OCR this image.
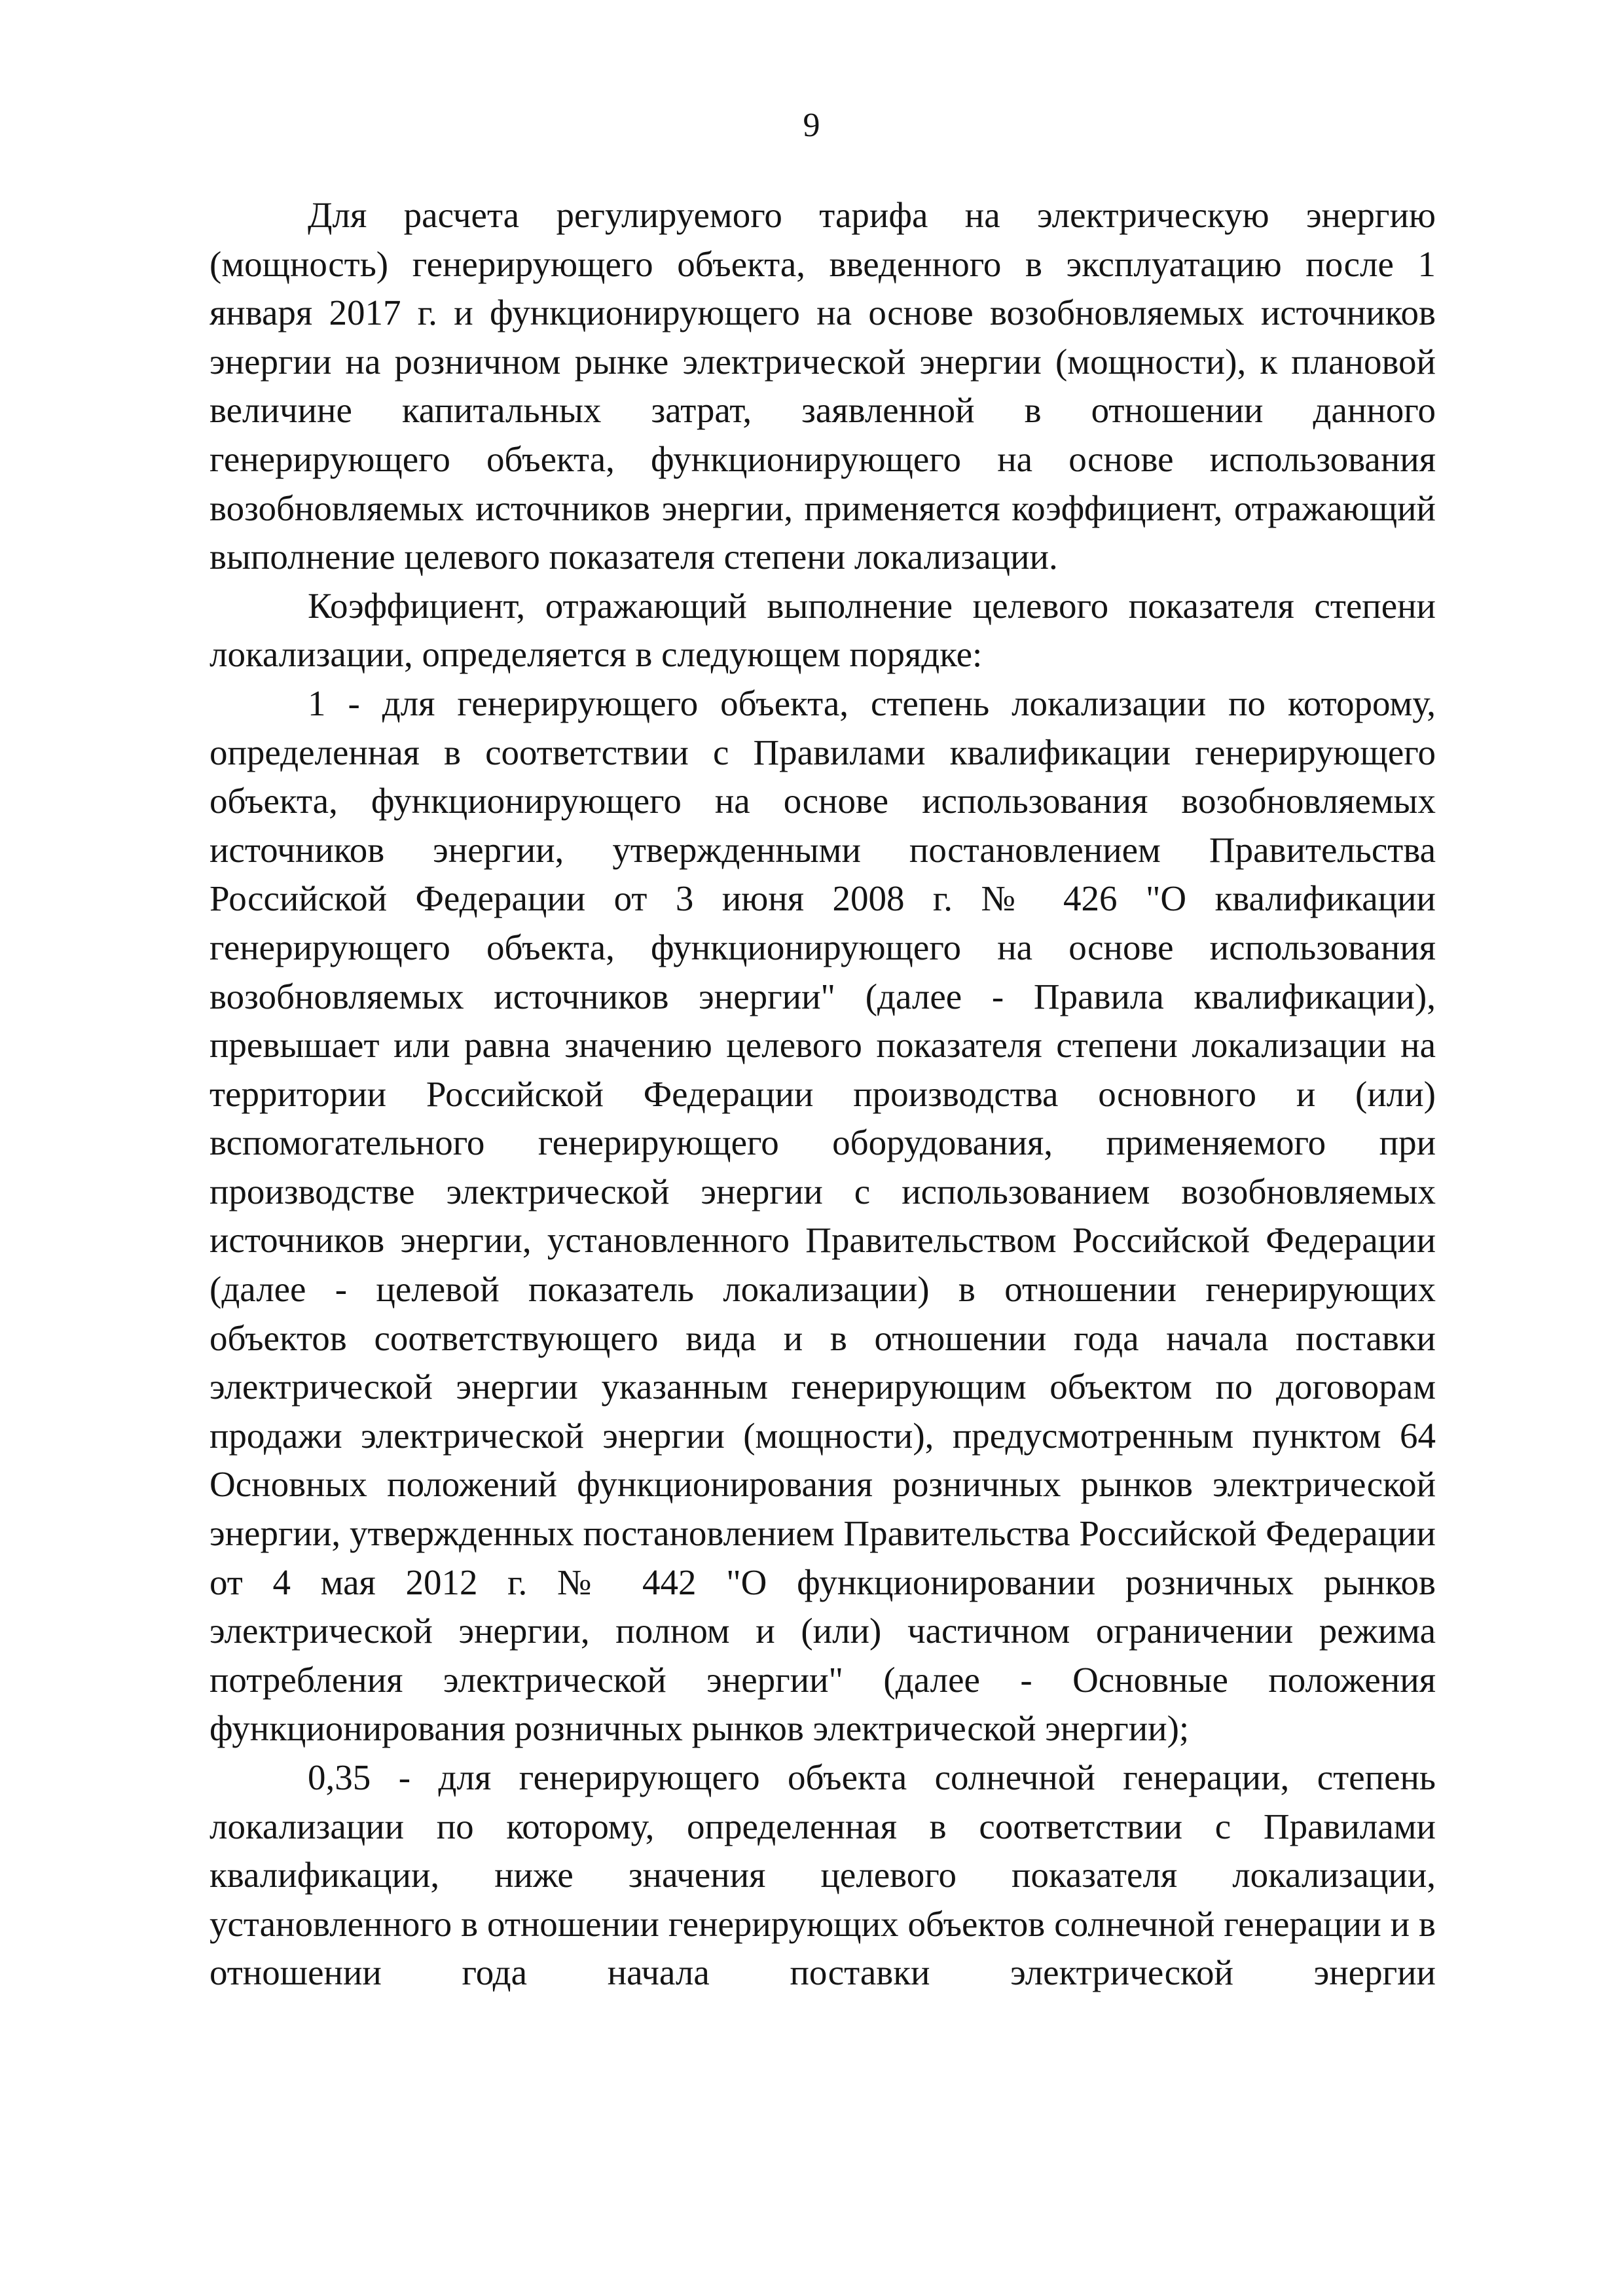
9

Для расчета регулируемого тарифа на электрическую энергию (мощность) генерирующего объекта, введенного в эксплуатацию после 1 января 2017 г. и функционирующего на основе возобновляемых источников энергии на розничном рынке электрической энергии (мощности), к плановой величине капитальных затрат, заявленной в отношении данного генерирующего объекта, функционирующего на основе использования возобновляемых источников энергии, применяется коэффициент, отражающий выполнение целевого показателя степени локализации.

Коэффициент, отражающий выполнение целевого показателя степени локализации, определяется в следующем порядке:

1 - для генерирующего объекта, степень локализации по которому, определенная в соответствии с Правилами квалификации генерирующего объекта, функционирующего на основе использования возобновляемых источников энергии, утвержденными постановлением Правительства Российской Федерации от 3 июня 2008 г. № 426 "О квалификации генерирующего объекта, функционирующего на основе использования возобновляемых источников энергии" (далее - Правила квалификации), превышает или равна значению целевого показателя степени локализации на территории Российской Федерации производства основного и (или) вспомогательного генерирующего оборудования, применяемого при производстве электрической энергии с использованием возобновляемых источников энергии, установленного Правительством Российской Федерации (далее - целевой показатель локализации) в отношении генерирующих объектов соответствующего вида и в отношении года начала поставки электрической энергии указанным генерирующим объектом по договорам продажи электрической энергии (мощности), предусмотренным пунктом 64 Основных положений функционирования розничных рынков электрической энергии, утвержденных постановлением Правительства Российской Федерации от 4 мая 2012 г. № 442 "О функционировании розничных рынков электрической энергии, полном и (или) частичном ограничении режима потребления электрической энергии" (далее - Основные положения функционирования розничных рынков электрической энергии);

0,35 - для генерирующего объекта солнечной генерации, степень локализации по которому, определенная в соответствии с Правилами квалификации, ниже значения целевого показателя локализации, установленного в отношении генерирующих объектов солнечной генерации и в отношении года начала поставки электрической энергии
